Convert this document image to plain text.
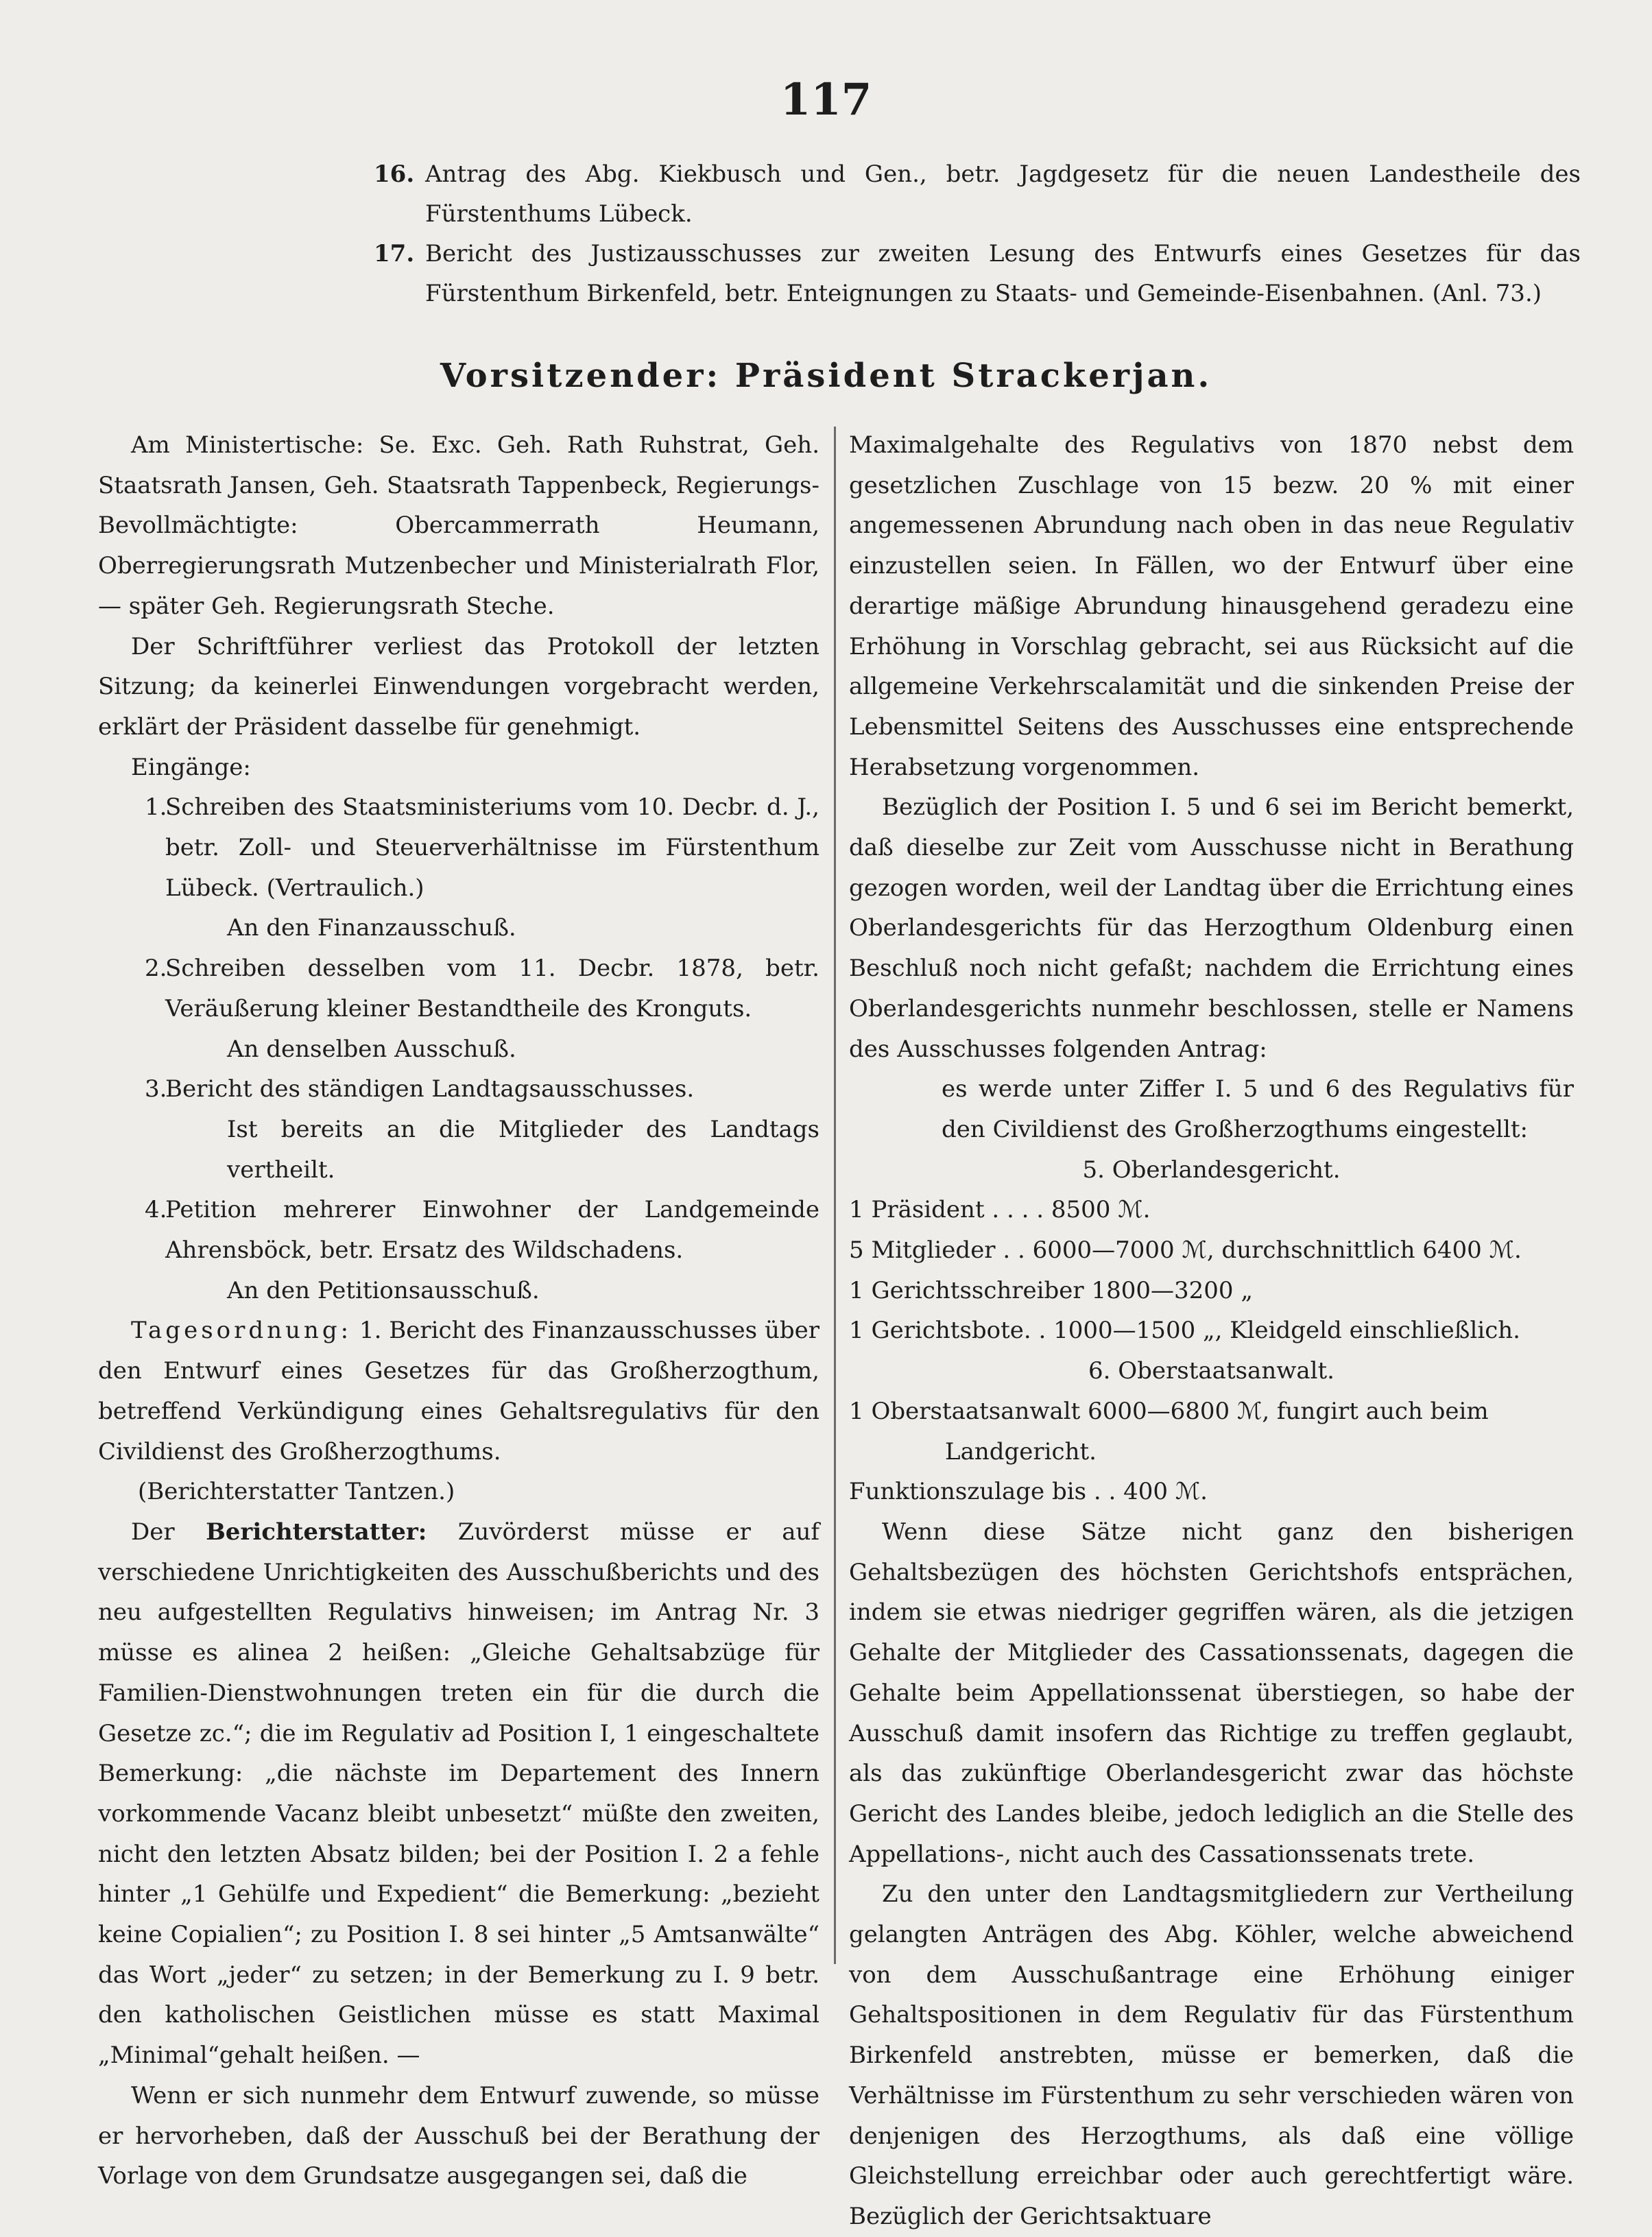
117
16. Antrag des Abg. Kiekbusch und Gen., betr. Jagdgesetz für die neuen Landestheile des Fürstenthums Lübeck.
17. Bericht des Justizausschusses zur zweiten Lesung des Entwurfs eines Gesetzes für das Fürstenthum Birkenfeld, betr. Enteignungen zu Staats- und Gemeinde-Eisenbahnen. (Anl. 73.)
Vorsitzender: Präsident Strackerjan.

Am Ministertische: Se. Exc. Geh. Rath Ruhstrat, Geh. Staatsrath Jansen, Geh. Staatsrath Tappenbeck, Regierungs-Bevollmächtigte: Obercammerrath Heumann, Oberregierungsrath Mutzenbecher und Ministerialrath Flor, — später Geh. Regierungsrath Steche.

Der Schriftführer verliest das Protokoll der letzten Sitzung; da keinerlei Einwendungen vorgebracht werden, erklärt der Präsident dasselbe für genehmigt.

Eingänge:

1.
Schreiben des Staatsministeriums vom 10. Decbr. d. J., betr. Zoll- und Steuerverhältnisse im Fürstenthum Lübeck. (Vertraulich.)
An den Finanzausschuß.
2.
Schreiben desselben vom 11. Decbr. 1878, betr. Veräußerung kleiner Bestandtheile des Kronguts.
An denselben Ausschuß.
3.
Bericht des ständigen Landtagsausschusses.
Ist bereits an die Mitglieder des Landtags vertheilt.
4.
Petition mehrerer Einwohner der Landgemeinde Ahrensböck, betr. Ersatz des Wildschadens.
An den Petitionsausschuß.

Tagesordnung: 1. Bericht des Finanzausschusses über den Entwurf eines Gesetzes für das Großherzogthum, betreffend Verkündigung eines Gehaltsregulativs für den Civildienst des Großherzogthums.

(Berichterstatter Tantzen.)

Der Berichterstatter: Zuvörderst müsse er auf verschiedene Unrichtigkeiten des Ausschußberichts und des neu aufgestellten Regulativs hinweisen; im Antrag Nr. 3 müsse es alinea 2 heißen: „Gleiche Gehaltsabzüge für Familien-Dienstwohnungen treten ein für die durch die Gesetze zc.“; die im Regulativ ad Position I, 1 eingeschaltete Bemerkung: „die nächste im Departement des Innern vorkommende Vacanz bleibt unbesetzt“ müßte den zweiten, nicht den letzten Absatz bilden; bei der Position I. 2 a fehle hinter „1 Gehülfe und Expedient“ die Bemerkung: „bezieht keine Copialien“; zu Position I. 8 sei hinter „5 Amtsanwälte“ das Wort „jeder“ zu setzen; in der Bemerkung zu I. 9 betr. den katholischen Geistlichen müsse es statt Maximal „Minimal“gehalt heißen. —

Wenn er sich nunmehr dem Entwurf zuwende, so müsse er hervorheben, daß der Ausschuß bei der Berathung der Vorlage von dem Grundsatze ausgegangen sei, daß die

Maximalgehalte des Regulativs von 1870 nebst dem gesetzlichen Zuschlage von 15 bezw. 20 % mit einer angemessenen Abrundung nach oben in das neue Regulativ einzustellen seien. In Fällen, wo der Entwurf über eine derartige mäßige Abrundung hinausgehend geradezu eine Erhöhung in Vorschlag gebracht, sei aus Rücksicht auf die allgemeine Verkehrscalamität und die sinkenden Preise der Lebensmittel Seitens des Ausschusses eine entsprechende Herabsetzung vorgenommen.

Bezüglich der Position I. 5 und 6 sei im Bericht bemerkt, daß dieselbe zur Zeit vom Ausschusse nicht in Berathung gezogen worden, weil der Landtag über die Errichtung eines Oberlandesgerichts für das Herzogthum Oldenburg einen Beschluß noch nicht gefaßt; nachdem die Errichtung eines Oberlandesgerichts nunmehr beschlossen, stelle er Namens des Ausschusses folgenden Antrag:

es werde unter Ziffer I. 5 und 6 des Regulativs für den Civildienst des Großherzogthums eingestellt:

5. Oberlandesgericht.

1 Präsident . . . . 8500 ℳ.
5 Mitglieder . . 6000—7000 ℳ, durchschnittlich 6400 ℳ.
1 Gerichtsschreiber 1800—3200 „
1 Gerichtsbote. . 1000—1500 „, Kleidgeld einschließlich.

6. Oberstaatsanwalt.

1 Oberstaatsanwalt 6000—6800 ℳ, fungirt auch beim
Landgericht.
Funktionszulage bis . . 400 ℳ.

Wenn diese Sätze nicht ganz den bisherigen Gehaltsbezügen des höchsten Gerichtshofs entsprächen, indem sie etwas niedriger gegriffen wären, als die jetzigen Gehalte der Mitglieder des Cassationssenats, dagegen die Gehalte beim Appellationssenat überstiegen, so habe der Ausschuß damit insofern das Richtige zu treffen geglaubt, als das zukünftige Oberlandesgericht zwar das höchste Gericht des Landes bleibe, jedoch lediglich an die Stelle des Appellations-, nicht auch des Cassationssenats trete.

Zu den unter den Landtagsmitgliedern zur Vertheilung gelangten Anträgen des Abg. Köhler, welche abweichend von dem Ausschußantrage eine Erhöhung einiger Gehaltspositionen in dem Regulativ für das Fürstenthum Birkenfeld anstrebten, müsse er bemerken, daß die Verhältnisse im Fürstenthum zu sehr verschieden wären von denjenigen des Herzogthums, als daß eine völlige Gleichstellung erreichbar oder auch gerechtfertigt wäre. Bezüglich der Gerichtsaktuare
